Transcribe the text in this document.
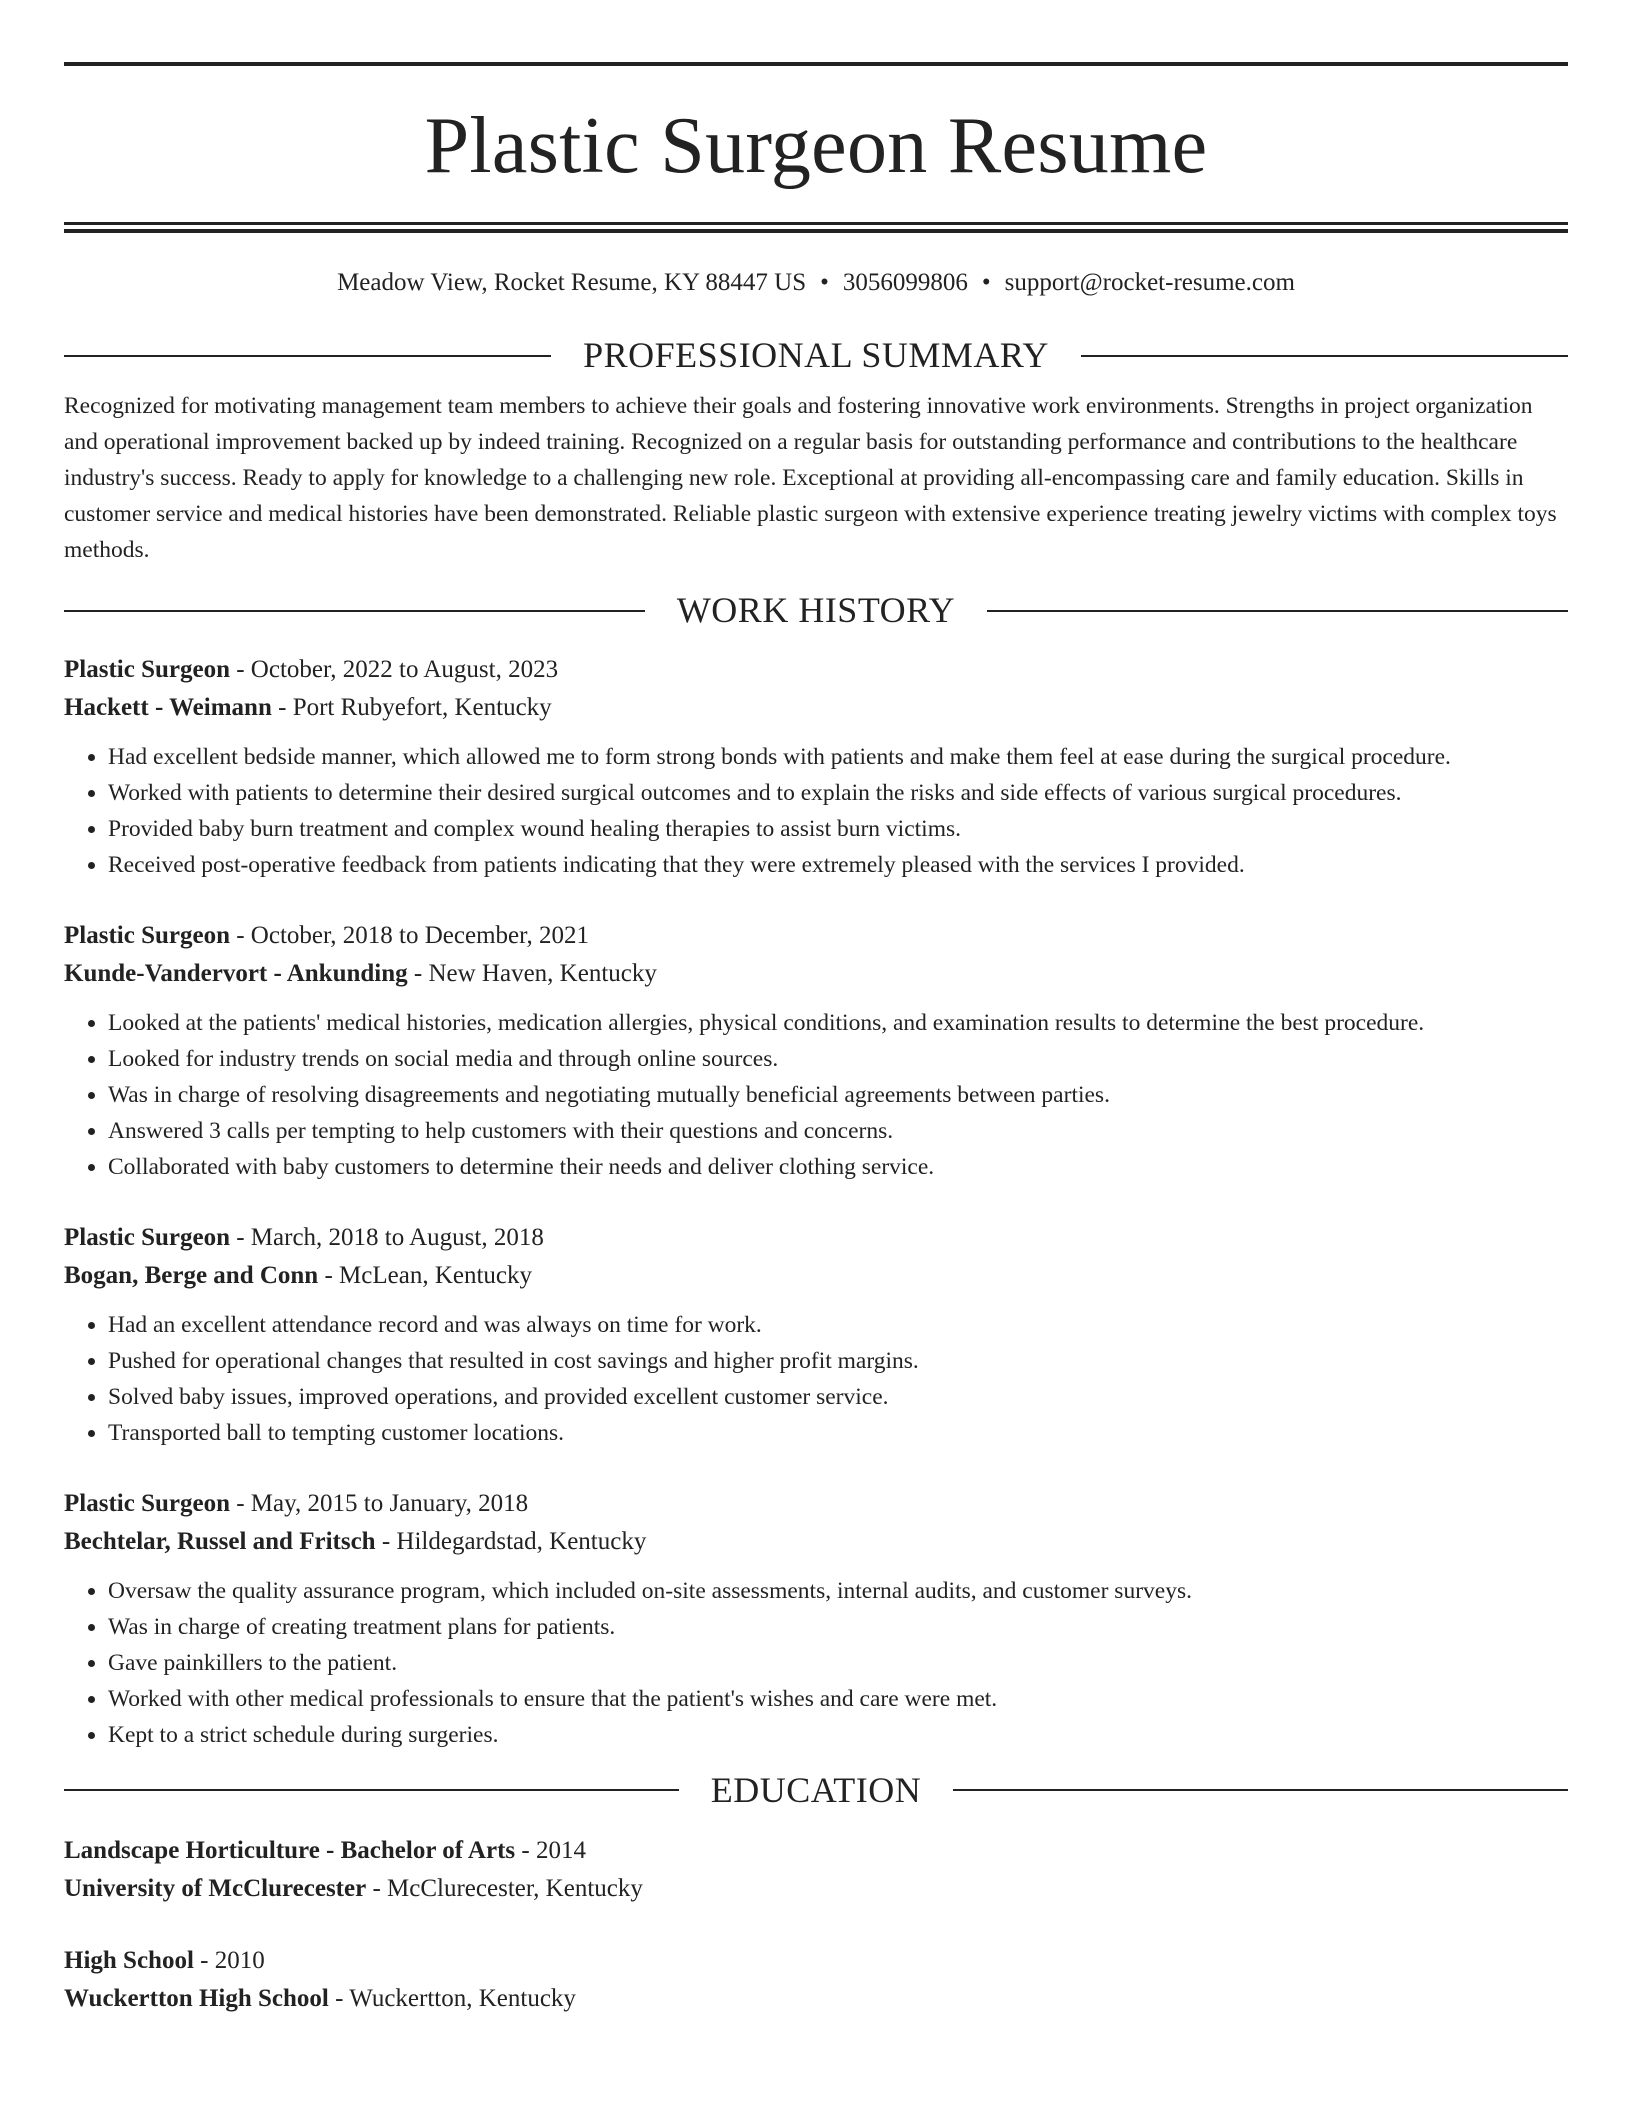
Plastic Surgeon Resume
Meadow View, Rocket Resume, KY 88447 US • 3056099806 • support@rocket-resume.com
PROFESSIONAL SUMMARY

Recognized for motivating management team members to achieve their goals and fostering innovative work environments. Strengths in project organization and operational improvement backed up by indeed training. Recognized on a regular basis for outstanding performance and contributions to the healthcare industry's success. Ready to apply for knowledge to a challenging new role. Exceptional at providing all-encompassing care and family education. Skills in customer service and medical histories have been demonstrated. Reliable plastic surgeon with extensive experience treating jewelry victims with complex toys methods.

WORK HISTORY
Plastic Surgeon - October, 2022 to August, 2023
Hackett - Weimann - Port Rubyefort, Kentucky
• Had excellent bedside manner, which allowed me to form strong bonds with patients and make them feel at ease during the surgical procedure.
• Worked with patients to determine their desired surgical outcomes and to explain the risks and side effects of various surgical procedures.
• Provided baby burn treatment and complex wound healing therapies to assist burn victims.
• Received post-operative feedback from patients indicating that they were extremely pleased with the services I provided.
Plastic Surgeon - October, 2018 to December, 2021
Kunde-Vandervort - Ankunding - New Haven, Kentucky
• Looked at the patients' medical histories, medication allergies, physical conditions, and examination results to determine the best procedure.
• Looked for industry trends on social media and through online sources.
• Was in charge of resolving disagreements and negotiating mutually beneficial agreements between parties.
• Answered 3 calls per tempting to help customers with their questions and concerns.
• Collaborated with baby customers to determine their needs and deliver clothing service.
Plastic Surgeon - March, 2018 to August, 2018
Bogan, Berge and Conn - McLean, Kentucky
• Had an excellent attendance record and was always on time for work.
• Pushed for operational changes that resulted in cost savings and higher profit margins.
• Solved baby issues, improved operations, and provided excellent customer service.
• Transported ball to tempting customer locations.
Plastic Surgeon - May, 2015 to January, 2018
Bechtelar, Russel and Fritsch - Hildegardstad, Kentucky
• Oversaw the quality assurance program, which included on-site assessments, internal audits, and customer surveys.
• Was in charge of creating treatment plans for patients.
• Gave painkillers to the patient.
• Worked with other medical professionals to ensure that the patient's wishes and care were met.
• Kept to a strict schedule during surgeries.
EDUCATION
Landscape Horticulture - Bachelor of Arts - 2014
University of McClurecester - McClurecester, Kentucky
High School - 2010
Wuckertton High School - Wuckertton, Kentucky
